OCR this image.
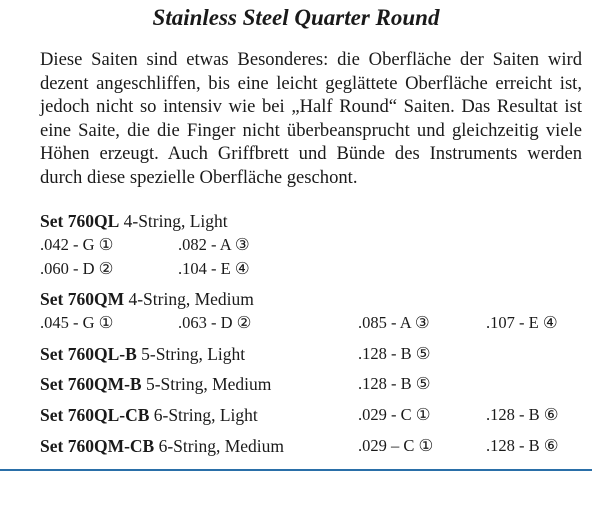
Stainless Steel Quarter Round

Diese Saiten sind etwas Besonderes: die Oberfläche der Saiten wird dezent angeschliffen, bis eine leicht geglättete Oberfläche erreicht ist, jedoch nicht so intensiv wie bei „Half Round“ Saiten. Das Resultat ist eine Saite, die die Finger nicht überbeansprucht und gleichzeitig viele Höhen erzeugt. Auch Griffbrett und Bünde des Instruments werden durch diese spezielle Oberfläche geschont.

Set 760QL 4-String, Light
.042 - G ①	.082 - A ③
.060 - D ②	.104 - E ④
Set 760QM 4-String, Medium
.045 - G ①	.063 - D ②	.085 - A ③	.107 - E ④
Set 760QL-B 5-String, Light	.128 - B ⑤
Set 760QM-B 5-String, Medium	.128 - B ⑤
Set 760QL-CB 6-String, Light	.029 - C ①	.128 - B ⑥
Set 760QM-CB 6-String, Medium	.029 – C ①	.128 - B ⑥
